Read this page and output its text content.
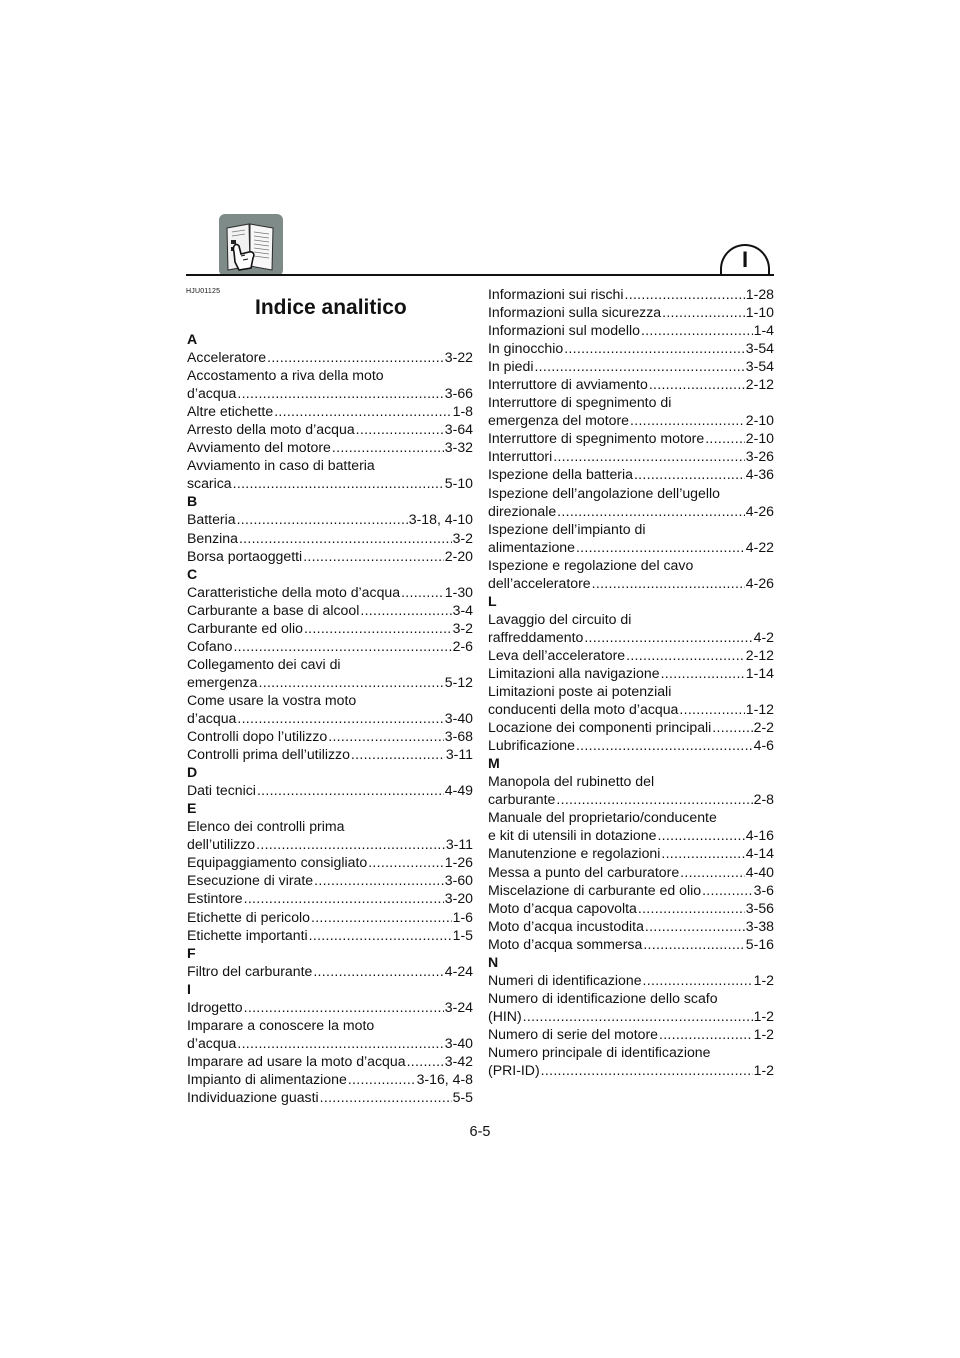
I
HJU01125
Indice analitico
A
Acceleratore .....	3-22
Accostamento a riva della moto
d’acqua .....	3-66
Altre etichette .....	1-8
Arresto della moto d’acqua .....	3-64
Avviamento del motore .....	3-32
Avviamento in caso di batteria
scarica .....	5-10
B
Batteria .....	3-18, 4-10
Benzina .....	3-2
Borsa portaoggetti .....	2-20
C
Caratteristiche della moto d’acqua .....	1-30
Carburante a base di alcool .....	3-4
Carburante ed olio .....	3-2
Cofano .....	2-6
Collegamento dei cavi di
emergenza .....	5-12
Come usare la vostra moto
d’acqua .....	3-40
Controlli dopo l’utilizzo .....	3-68
Controlli prima dell’utilizzo .....	3-11
D
Dati tecnici .....	4-49
E
Elenco dei controlli prima
dell’utilizzo .....	3-11
Equipaggiamento consigliato .....	1-26
Esecuzione di virate .....	3-60
Estintore .....	3-20
Etichette di pericolo .....	1-6
Etichette importanti .....	1-5
F
Filtro del carburante .....	4-24
I
Idrogetto .....	3-24
Imparare a conoscere la moto
d’acqua .....	3-40
Imparare ad usare la moto d’acqua .....	3-42
Impianto di alimentazione .....	3-16, 4-8
Individuazione guasti .....	5-5
Informazioni sui rischi .....	1-28
Informazioni sulla sicurezza .....	1-10
Informazioni sul modello .....	1-4
In ginocchio .....	3-54
In piedi .....	3-54
Interruttore di avviamento .....	2-12
Interruttore di spegnimento di
emergenza del motore .....	2-10
Interruttore di spegnimento motore .....	2-10
Interruttori .....	3-26
Ispezione della batteria .....	4-36
Ispezione dell’angolazione dell’ugello
direzionale .....	4-26
Ispezione dell’impianto di
alimentazione .....	4-22
Ispezione e regolazione del cavo
dell’acceleratore .....	4-26
L
Lavaggio del circuito di
raffreddamento .....	4-2
Leva dell’acceleratore .....	2-12
Limitazioni alla navigazione .....	1-14
Limitazioni poste ai potenziali
conducenti della moto d’acqua .....	1-12
Locazione dei componenti principali .....	2-2
Lubrificazione .....	4-6
M
Manopola del rubinetto del
carburante .....	2-8
Manuale del proprietario/conducente
e kit di utensili in dotazione .....	4-16
Manutenzione e regolazioni .....	4-14
Messa a punto del carburatore .....	4-40
Miscelazione di carburante ed olio .....	3-6
Moto d’acqua capovolta .....	3-56
Moto d’acqua incustodita .....	3-38
Moto d’acqua sommersa .....	5-16
N
Numeri di identificazione .....	1-2
Numero di identificazione dello scafo
(HIN) .....	1-2
Numero di serie del motore .....	1-2
Numero principale di identificazione
(PRI-ID) .....	1-2
6-5
